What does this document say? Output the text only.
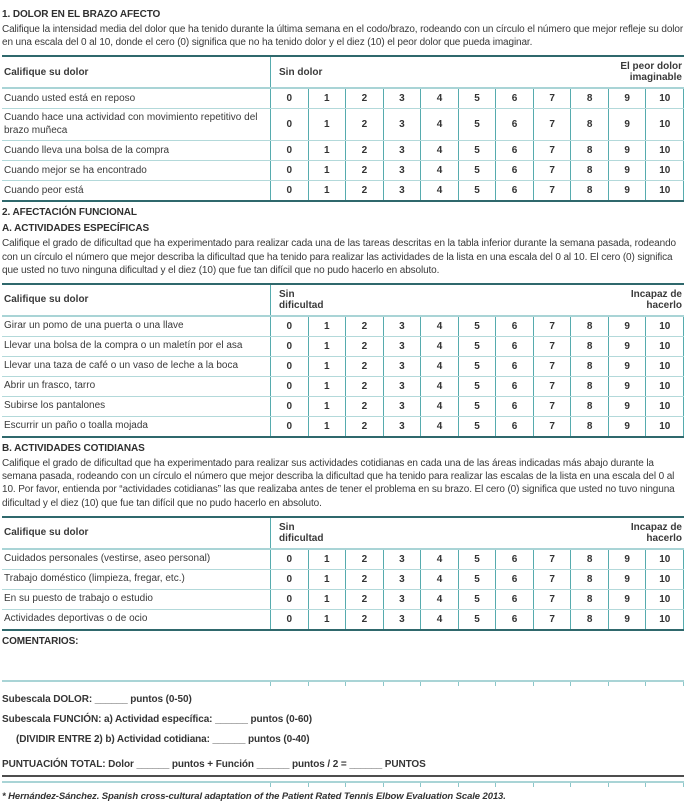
1. DOLOR EN EL BRAZO AFECTO

Califique la intensidad media del dolor que ha tenido durante la última semana en el codo/brazo, rodeando con un círculo el número que mejor refleje su dolor en una escala del 0 al 10, donde el cero (0) significa que no ha tenido dolor y el diez (10) el peor dolor que pueda imaginar.

Califique su dolor	Sin dolor	El peor dolor imaginable
Cuando usted está en reposo	0	1	2	3	4	5	6	7	8	9	10
Cuando hace una actividad con movimiento repetitivo del brazo muñeca	0	1	2	3	4	5	6	7	8	9	10
Cuando lleva una bolsa de la compra	0	1	2	3	4	5	6	7	8	9	10
Cuando mejor se ha encontrado	0	1	2	3	4	5	6	7	8	9	10
Cuando peor está	0	1	2	3	4	5	6	7	8	9	10
2. AFECTACIÓN FUNCIONAL
A. ACTIVIDADES ESPECÍFICAS

Califique el grado de dificultad que ha experimentado para realizar cada una de las tareas descritas en la tabla inferior durante la semana pasada, rodeando con un círculo el número que mejor describa la dificultad que ha tenido para realizar las actividades de la lista en una escala del 0 al 10. El cero (0) significa que usted no tuvo ninguna dificultad y el diez (10) que fue tan difícil que no pudo hacerlo en absoluto.

Califique su dolor	Sin dificultad
Incapaz de hacerlo
Girar un pomo de una puerta o una llave	0	1	2	3	4	5	6	7	8	9	10
Llevar una bolsa de la compra o un maletín por el asa	0	1	2	3	4	5	6	7	8	9	10
Llevar una taza de café o un vaso de leche a la boca	0	1	2	3	4	5	6	7	8	9	10
Abrir un frasco, tarro	0	1	2	3	4	5	6	7	8	9	10
Subirse los pantalones	0	1	2	3	4	5	6	7	8	9	10
Escurrir un paño o toalla mojada	0	1	2	3	4	5	6	7	8	9	10
B. ACTIVIDADES COTIDIANAS

Califique el grado de dificultad que ha experimentado para realizar sus actividades cotidianas en cada una de las áreas indicadas más abajo durante la semana pasada, rodeando con un círculo el número que mejor describa la dificultad que ha tenido para realizar las escalas de la lista en una escala del 0 al 10. Por favor, entienda por “actividades cotidianas” las que realizaba antes de tener el problema en su brazo. El cero (0) significa que usted no tuvo ninguna dificultad y el diez (10) que fue tan difícil que no pudo hacerlo en absoluto.

Califique su dolor	Sin dificultad
Incapaz de hacerlo
Cuidados personales (vestirse, aseo personal)	0	1	2	3	4	5	6	7	8	9	10
Trabajo doméstico (limpieza, fregar, etc.)	0	1	2	3	4	5	6	7	8	9	10
En su puesto de trabajo o estudio	0	1	2	3	4	5	6	7	8	9	10
Actividades deportivas o de ocio	0	1	2	3	4	5	6	7	8	9	10
COMENTARIOS:

Subescala DOLOR: ______ puntos (0-50)

Subescala FUNCIÓN: a) Actividad específica: ______ puntos (0-60)

(DIVIDIR ENTRE 2) b) Actividad cotidiana: ______ puntos (0-40)

PUNTUACIÓN TOTAL: Dolor ______ puntos + Función ______ puntos / 2 = ______ PUNTOS

* Hernández-Sánchez. Spanish cross-cultural adaptation of the Patient Rated Tennis Elbow Evaluation Scale 2013.
